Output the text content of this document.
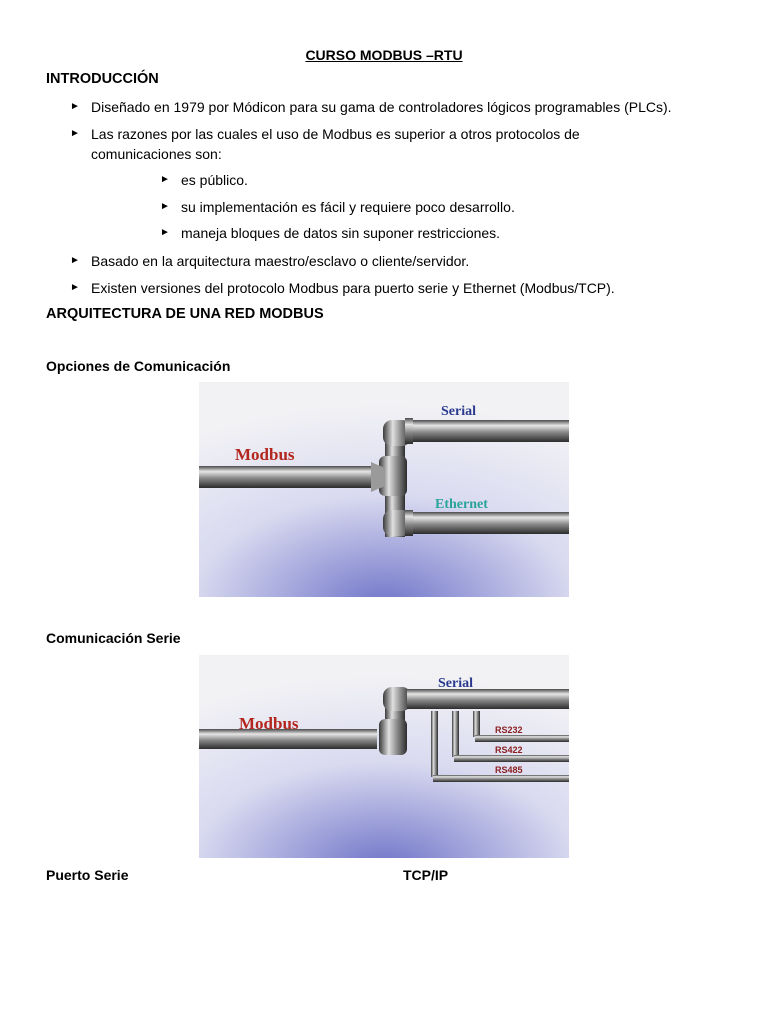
CURSO MODBUS –RTU
INTRODUCCIÓN
► Diseñado en 1979 por Módicon para su gama de controladores lógicos programables (PLCs).
► Las razones por las cuales el uso de Modbus es superior a otros protocolos de comunicaciones son:
► es público.
► su implementación es fácil y requiere poco desarrollo.
► maneja bloques de datos sin suponer restricciones.
► Basado en la arquitectura maestro/esclavo o cliente/servidor.
► Existen versiones del protocolo Modbus para puerto serie y Ethernet (Modbus/TCP).
ARQUITECTURA DE UNA RED MODBUS
Opciones de Comunicación
Modbus
Serial
Ethernet
Comunicación Serie
Modbus
Serial
RS232
RS422
RS485
Puerto Serie	TCP/IP
